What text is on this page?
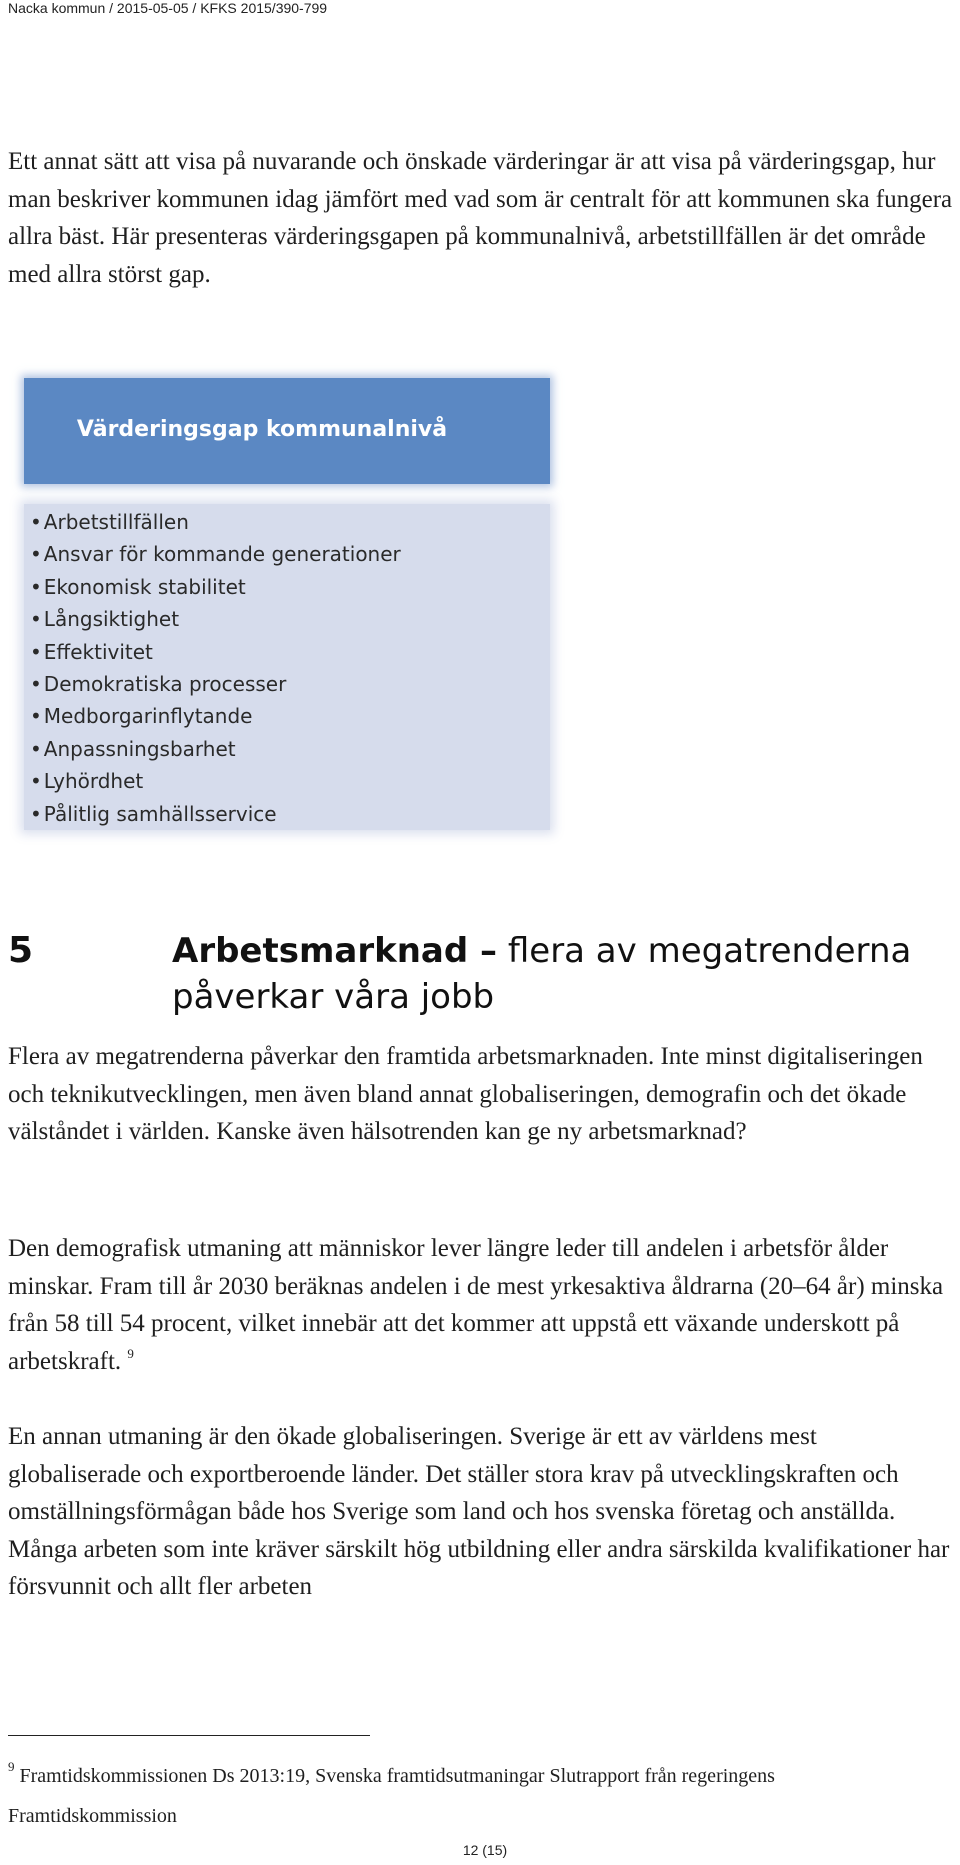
Nacka kommun / 2015-05-05 / KFKS 2015/390-799

Ett annat sätt att visa på nuvarande och önskade värderingar är att visa på värderingsgap, hur man beskriver kommunen idag jämfört med vad som är centralt för att kommunen ska fungera allra bäst. Här presenteras värderingsgapen på kommunalnivå, arbetstillfällen är det område med allra störst gap.

Värderingsgap kommunalnivå
• Arbetstillfällen
• Ansvar för kommande generationer
• Ekonomisk stabilitet
• Långsiktighet
• Effektivitet
• Demokratiska processer
• Medborgarinflytande
• Anpassningsbarhet
• Lyhördhet
• Pålitlig samhällsservice
5	Arbetsmarknad – flera av megatrenderna påverkar våra jobb

Flera av megatrenderna påverkar den framtida arbetsmarknaden. Inte minst digitaliseringen och teknikutvecklingen, men även bland annat globaliseringen, demografin och det ökade välståndet i världen. Kanske även hälsotrenden kan ge ny arbetsmarknad?

Den demografisk utmaning att människor lever längre leder till andelen i arbetsför ålder minskar. Fram till år 2030 beräknas andelen i de mest yrkesaktiva åldrarna (20–64 år) minska från 58 till 54 procent, vilket innebär att det kommer att uppstå ett växande underskott på arbetskraft. $^9$

En annan utmaning är den ökade globaliseringen. Sverige är ett av världens mest globaliserade och exportberoende länder. Det ställer stora krav på utvecklingskraften och omställningsförmågan både hos Sverige som land och hos svenska företag och anställda. Många arbeten som inte kräver särskilt hög utbildning eller andra särskilda kvalifikationer har försvunnit och allt fler arbeten

$^9$ Framtidskommissionen Ds 2013:19, Svenska framtidsutmaningar Slutrapport från regeringens Framtidskommission

12 (15)
